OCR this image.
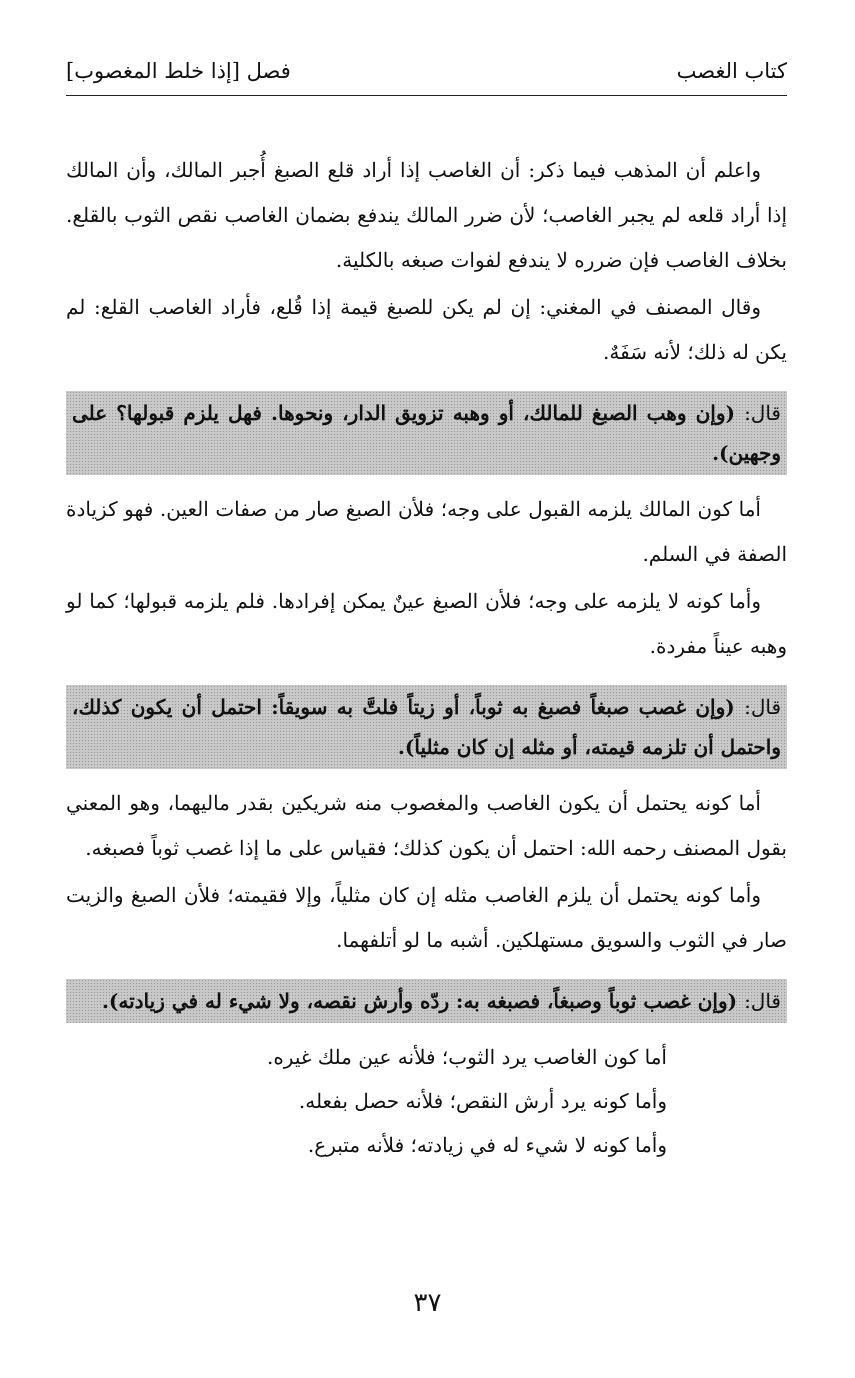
كتاب الغصب
فصل [إذا خلط المغصوب]

واعلم أن المذهب فيما ذكر: أن الغاصب إذا أراد قلع الصبغ أُجبر المالك، وأن المالك إذا أراد قلعه لم يجبر الغاصب؛ لأن ضرر المالك يندفع بضمان الغاصب نقص الثوب بالقلع. بخلاف الغاصب فإن ضرره لا يندفع لفوات صبغه بالكلية.

وقال المصنف في المغني: إن لم يكن للصبغ قيمة إذا قُلع، فأراد الغاصب القلع: لم يكن له ذلك؛ لأنه سَفَهٌ.

قال: (وإن وهب الصبغ للمالك، أو وهبه تزويق الدار، ونحوها. فهل يلزم قبولها؟ على وجهين).

أما كون المالك يلزمه القبول على وجه؛ فلأن الصبغ صار من صفات العين. فهو كزيادة الصفة في السلم.

وأما كونه لا يلزمه على وجه؛ فلأن الصبغ عينٌ يمكن إفرادها. فلم يلزمه قبولها؛ كما لو وهبه عيناً مفردة.

قال: (وإن غصب صبغاً فصبغ به ثوباً، أو زيتاً فلتَّ به سويقاً: احتمل أن يكون كذلك، واحتمل أن تلزمه قيمته، أو مثله إن كان مثلياً).

أما كونه يحتمل أن يكون الغاصب والمغصوب منه شريكين بقدر ماليهما، وهو المعني بقول المصنف رحمه الله: احتمل أن يكون كذلك؛ فقياس على ما إذا غصب ثوباً فصبغه.

وأما كونه يحتمل أن يلزم الغاصب مثله إن كان مثلياً، وإلا فقيمته؛ فلأن الصبغ والزيت صار في الثوب والسويق مستهلكين. أشبه ما لو أتلفهما.

قال: (وإن غصب ثوباً وصبغاً، فصبغه به: ردّه وأرش نقصه، ولا شيء له في زيادته).

أما كون الغاصب يرد الثوب؛ فلأنه عين ملك غيره.

وأما كونه يرد أرش النقص؛ فلأنه حصل بفعله.

وأما كونه لا شيء له في زيادته؛ فلأنه متبرع.

٣٧
